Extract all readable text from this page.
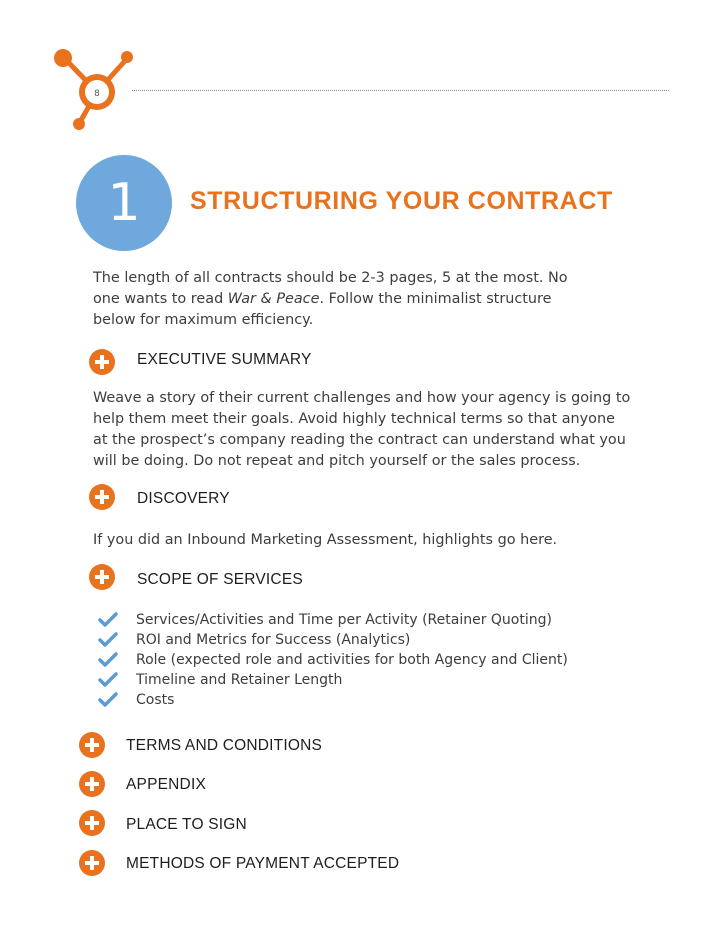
8
1	STRUCTURING YOUR CONTRACT
The length of all contracts should be 2-3 pages, 5 at the most. No one wants to read War & Peace. Follow the minimalist structure below for maximum efficiency.
EXECUTIVE SUMMARY
Weave a story of their current challenges and how your agency is going to help them meet their goals. Avoid highly technical terms so that anyone at the prospect’s company reading the contract can understand what you will be doing. Do not repeat and pitch yourself or the sales process.
DISCOVERY
If you did an Inbound Marketing Assessment, highlights go here.
SCOPE OF SERVICES
Services/Activities and Time per Activity (Retainer Quoting)
ROI and Metrics for Success (Analytics)
Role (expected role and activities for both Agency and Client)
Timeline and Retainer Length
Costs
TERMS AND CONDITIONS
APPENDIX
PLACE TO SIGN
METHODS OF PAYMENT ACCEPTED
